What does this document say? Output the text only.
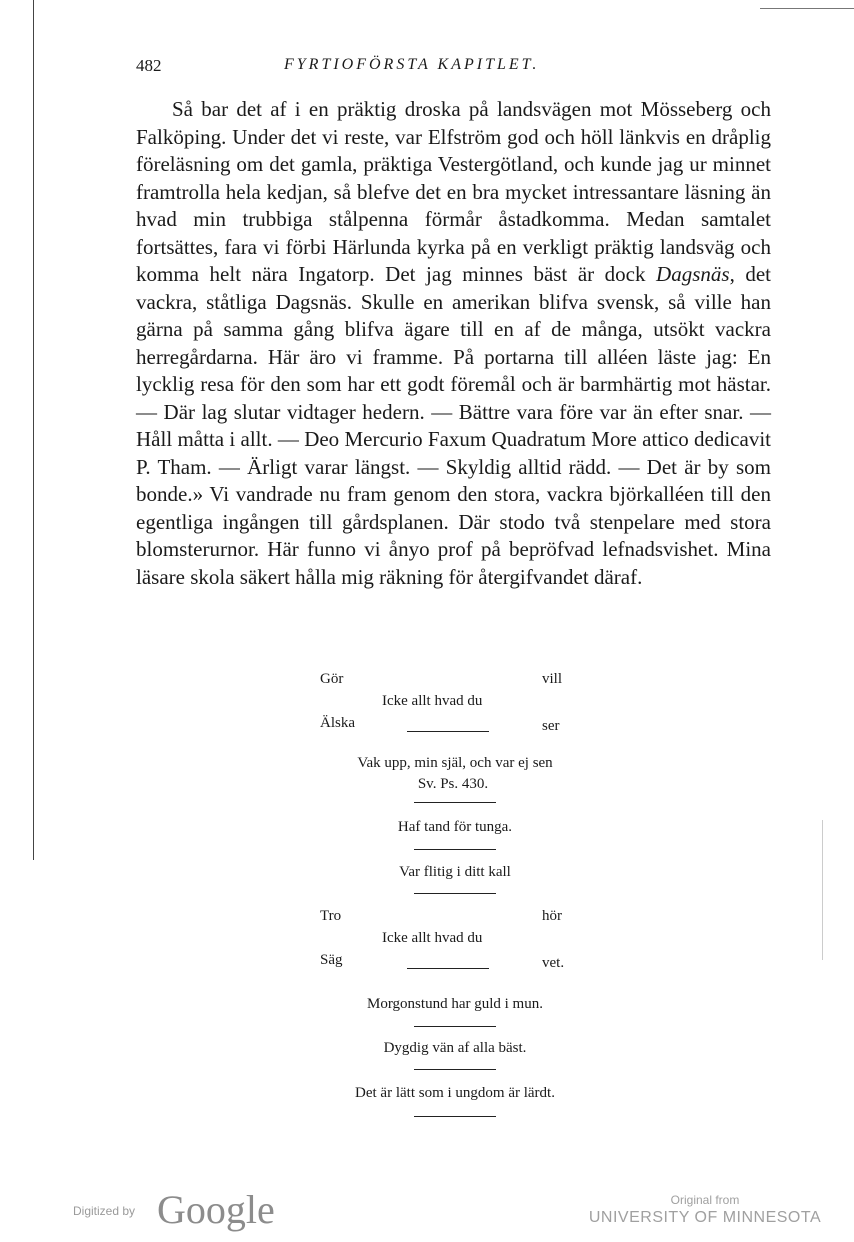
482	FYRTIOFÖRSTA KAPITLET.

Så bar det af i en präktig droska på landsvägen mot Mösseberg och Falköping. Under det vi reste, var Elfström god och höll länkvis en dråplig föreläsning om det gamla, präktiga Vestergötland, och kunde jag ur minnet framtrolla hela kedjan, så blefve det en bra mycket intressantare läsning än hvad min trubbiga stålpenna förmår åstadkomma. Medan samtalet fortsättes, fara vi förbi Härlunda kyrka på en verkligt präktig landsväg och komma helt nära Ingatorp. Det jag minnes bäst är dock Dagsnäs, det vackra, ståtliga Dagsnäs. Skulle en amerikan blifva svensk, så ville han gärna på samma gång blifva ägare till en af de många, utsökt vackra herregårdarna. Här äro vi framme. På portarna till alléen läste jag: En lycklig resa för den som har ett godt föremål och är barmhärtig mot hästar. — Där lag slutar vidtager hedern. — Bättre vara före var än efter snar. — Håll måtta i allt. — Deo Mercurio Faxum Quadratum More attico dedicavit P. Tham. — Ärligt varar längst. — Skyldig alltid rädd. — Det är by som bonde.» Vi vandrade nu fram genom den stora, vackra björkalléen till den egentliga ingången till gårdsplanen. Där stodo två stenpelare med stora blomsterurnor. Här funno vi ånyo prof på bepröfvad lefnadsvishet. Mina läsare skola säkert hålla mig räkning för återgifvandet däraf.

Gör	vill
Icke allt hvad du
Älska	ser
Vak upp, min själ, och var ej sen
Sv. Ps. 430.
Haf tand för tunga.
Var flitig i ditt kall
Tro	hör
Icke allt hvad du
Säg	vet.
Morgonstund har guld i mun.
Dygdig vän af alla bäst.
Det är lätt som i ungdom är lärdt.
Digitized by Google	Original from
UNIVERSITY OF MINNESOTA
